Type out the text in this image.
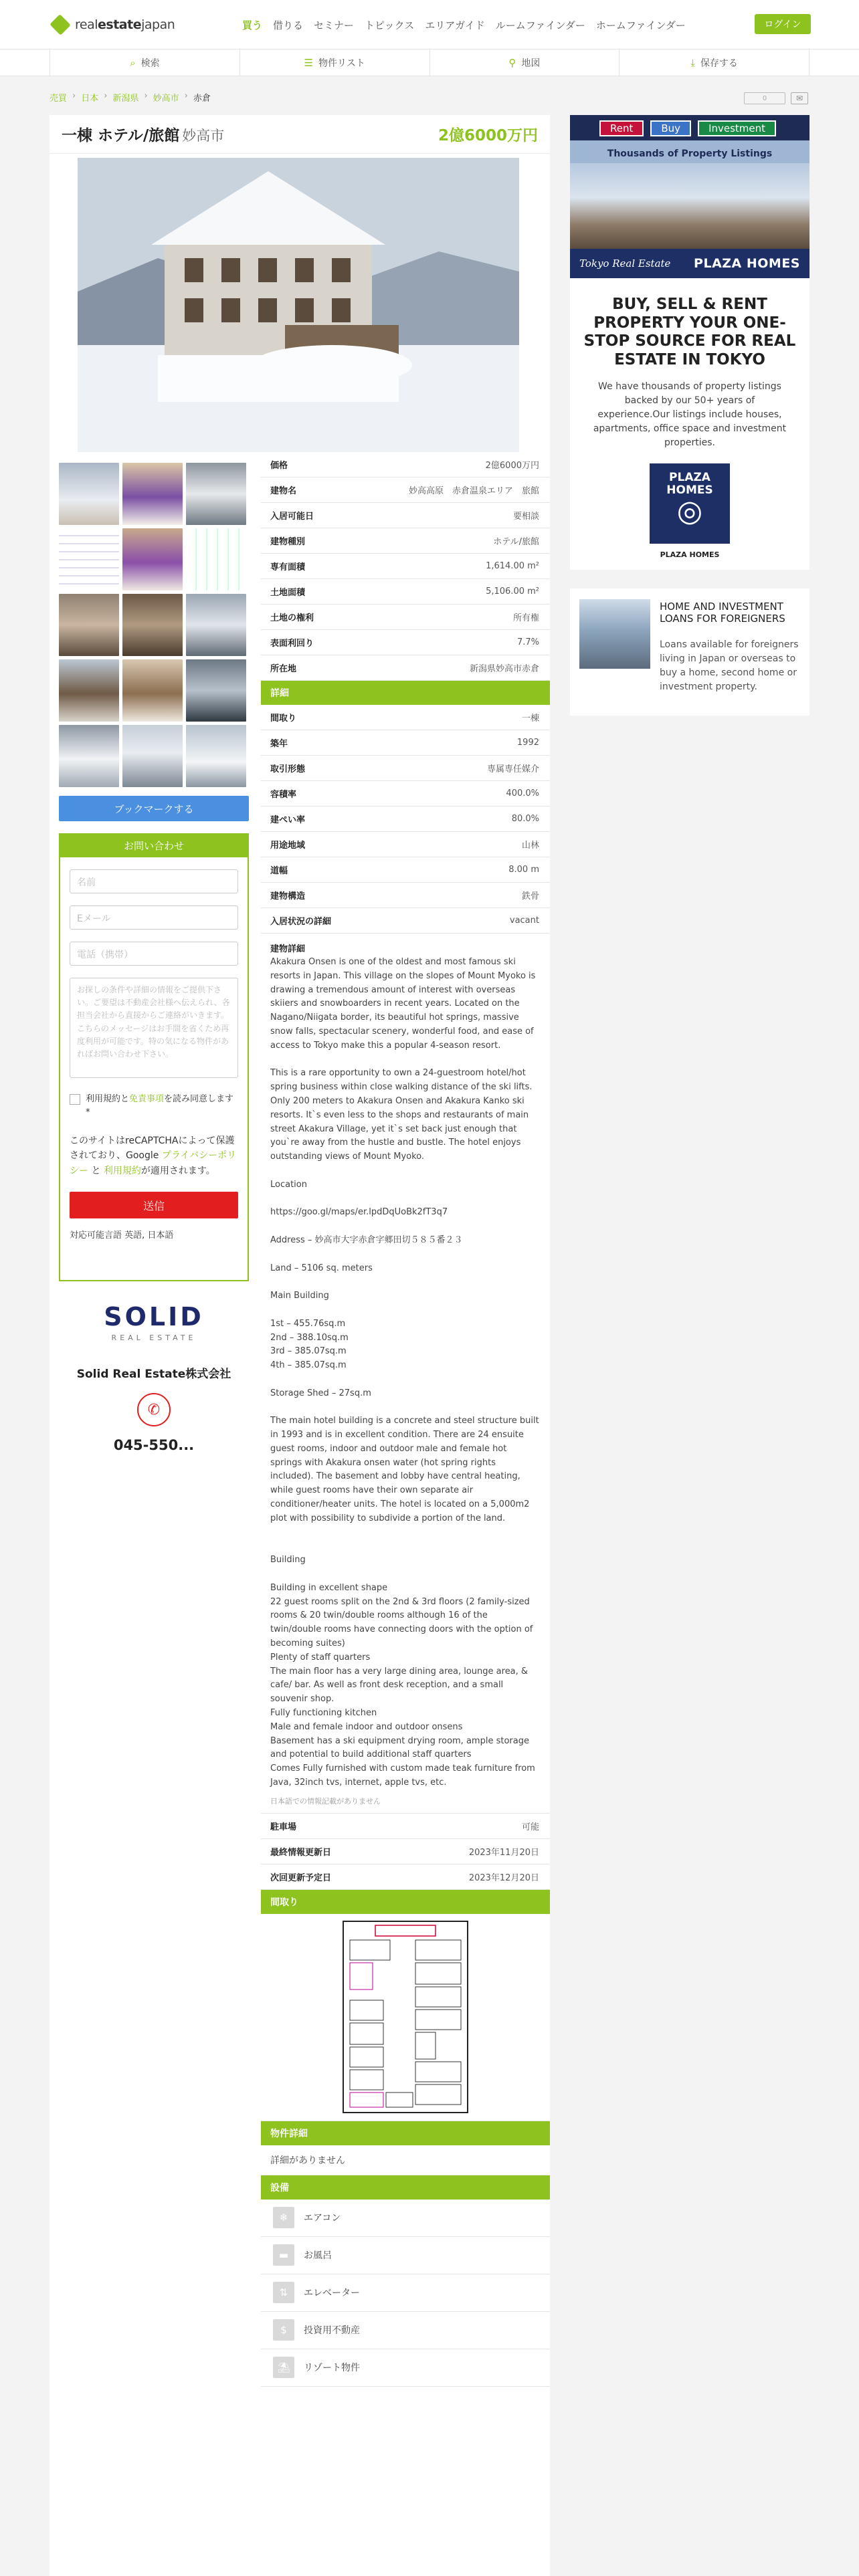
realestatejapan	買う 借りる セミナー トピックス エリアガイド ルームファインダー ホームファインダー	ログイン
⌕ 検索	☰ 物件リスト	⚲ 地図	⤓ 保存する
売買 › 日本 › 新潟県 › 妙高市 › 赤倉	0	✉
一棟 ホテル/旅館 妙高市	2億6000万円
ブックマークする
お問い合わせ
名前
Eメール
電話（携帯）
お探しの条件や詳細の情報をご提供下さい。ご要望は不動産会社様へ伝えられ、各担当会社から直接からご連絡がいきます。こちらのメッセージはお手間を省くため再度利用が可能です。特の気になる物件があればお問い合わせ下さい。
利用規約と免責事項を読み同意します *
このサイトはreCAPTCHAによって保護されており、Google プライバシーポリシー と 利用規約が適用されます。
送信
対応可能言語 英語, 日本語
SOLID
REAL ESTATE
Solid Real Estate株式会社
✆
045-550...
価格	2億6000万円
建物名	妙高高原　赤倉温泉エリア　旅館
入居可能日	要相談
建物種別	ホテル/旅館
専有面積	1,614.00 m²
土地面積	5,106.00 m²
土地の権利	所有権
表面利回り	7.7%
所在地	新潟県妙高市赤倉
詳細
間取り	一棟
築年	1992
取引形態	専属専任媒介
容積率	400.0%
建ぺい率	80.0%
用途地域	山林
道幅	8.00 m
建物構造	鉄骨
入居状況の詳細	vacant
建物詳細
Akakura Onsen is one of the oldest and most famous ski resorts in Japan. This village on the slopes of Mount Myoko is drawing a tremendous amount of interest with overseas skiiers and snowboarders in recent years. Located on the Nagano/Niigata border, its beautiful hot springs, massive snow falls, spectacular scenery, wonderful food, and ease of access to Tokyo make this a popular 4-season resort.

This is a rare opportunity to own a 24-guestroom hotel/hot spring business within close walking distance of the ski lifts. Only 200 meters to Akakura Onsen and Akakura Kanko ski resorts. It`s even less to the shops and restaurants of main street Akakura Village, yet it`s set back just enough that you`re away from the hustle and bustle. The hotel enjoys outstanding views of Mount Myoko.

Location

https://goo.gl/maps/er.lpdDqUoBk2fT3q7

Address – 妙高市大字赤倉字郷田切５８５番２３

Land – 5106 sq. meters

Main Building

1st – 455.76sq.m
2nd – 388.10sq.m
3rd – 385.07sq.m
4th – 385.07sq.m

Storage Shed – 27sq.m

The main hotel building is a concrete and steel structure built in 1993 and is in excellent condition. There are 24 ensuite guest rooms, indoor and outdoor male and female hot springs with Akakura onsen water (hot spring rights included). The basement and lobby have central heating, while guest rooms have their own separate air conditioner/heater units. The hotel is located on a 5,000m2 plot with possibility to subdivide a portion of the land.

Building

Building in excellent shape
22 guest rooms split on the 2nd & 3rd floors (2 family-sized rooms & 20 twin/double rooms although 16 of the twin/double rooms have connecting doors with the option of becoming suites)
Plenty of staff quarters
The main floor has a very large dining area, lounge area, & cafe/ bar. As well as front desk reception, and a small souvenir shop.
Fully functioning kitchen
Male and female indoor and outdoor onsens
Basement has a ski equipment drying room, ample storage and potential to build additional staff quarters
Comes Fully furnished with custom made teak furniture from Java, 32inch tvs, internet, apple tvs, etc.
日本語での情報記載がありません
駐車場	可能
最終情報更新日	2023年11月20日
次回更新予定日	2023年12月20日
間取り
物件詳細
詳細がありません
設備
❄	エアコン
▬	お風呂
⇅	エレベーター
$	投資用不動産
⛱	リゾート物件
Rent	Buy	Investment
Thousands of Property Listings
Tokyo Real Estate PLAZA HOMES
BUY, SELL & RENT PROPERTY YOUR ONE-STOP SOURCE FOR REAL ESTATE IN TOKYO
We have thousands of property listings backed by our 50+ years of experience.Our listings include houses, apartments, office space and investment properties.
PLAZA
HOMES
◎
PLAZA HOMES
HOME AND INVESTMENT LOANS FOR FOREIGNERS
Loans available for foreigners living in Japan or overseas to buy a home, second home or investment property.
